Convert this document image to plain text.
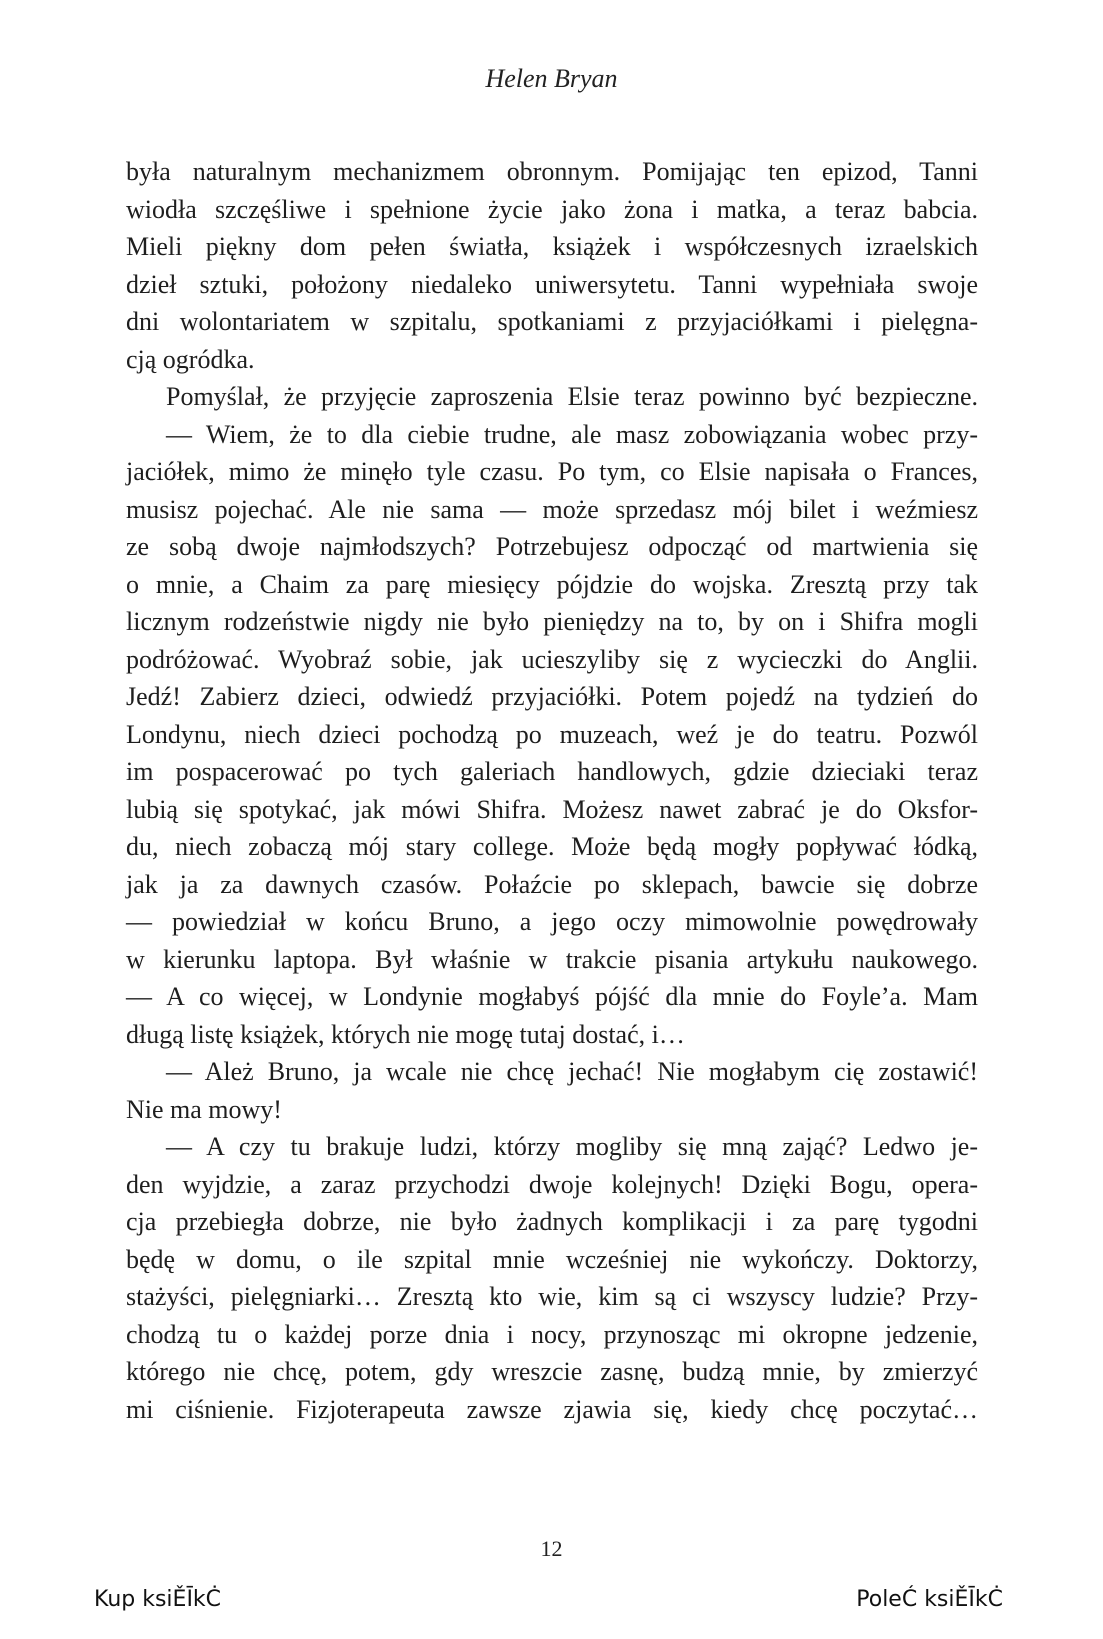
Helen Bryan
była naturalnym mechanizmem obronnym. Pomijając ten epizod, Tanni
wiodła szczęśliwe i spełnione życie jako żona i matka, a teraz babcia.
Mieli piękny dom pełen światła, książek i współczesnych izraelskich
dzieł sztuki, położony niedaleko uniwersytetu. Tanni wypełniała swoje
dni wolontariatem w szpitalu, spotkaniami z przyjaciółkami i pielęgna-
cją ogródka.
Pomyślał, że przyjęcie zaproszenia Elsie teraz powinno być bezpieczne.
— Wiem, że to dla ciebie trudne, ale masz zobowiązania wobec przy-
jaciółek, mimo że minęło tyle czasu. Po tym, co Elsie napisała o Frances,
musisz pojechać. Ale nie sama — może sprzedasz mój bilet i weźmiesz
ze sobą dwoje najmłodszych? Potrzebujesz odpocząć od martwienia się
o mnie, a Chaim za parę miesięcy pójdzie do wojska. Zresztą przy tak
licznym rodzeństwie nigdy nie było pieniędzy na to, by on i Shifra mogli
podróżować. Wyobraź sobie, jak ucieszyliby się z wycieczki do Anglii.
Jedź! Zabierz dzieci, odwiedź przyjaciółki. Potem pojedź na tydzień do
Londynu, niech dzieci pochodzą po muzeach, weź je do teatru. Pozwól
im pospacerować po tych galeriach handlowych, gdzie dzieciaki teraz
lubią się spotykać, jak mówi Shifra. Możesz nawet zabrać je do Oksfor-
du, niech zobaczą mój stary college. Może będą mogły popływać łódką,
jak ja za dawnych czasów. Połaźcie po sklepach, bawcie się dobrze
— powiedział w końcu Bruno, a jego oczy mimowolnie powędrowały
w kierunku laptopa. Był właśnie w trakcie pisania artykułu naukowego.
— A co więcej, w Londynie mogłabyś pójść dla mnie do Foyle’a. Mam
długą listę książek, których nie mogę tutaj dostać, i…
— Ależ Bruno, ja wcale nie chcę jechać! Nie mogłabym cię zostawić!
Nie ma mowy!
— A czy tu brakuje ludzi, którzy mogliby się mną zająć? Ledwo je-
den wyjdzie, a zaraz przychodzi dwoje kolejnych! Dzięki Bogu, opera-
cja przebiegła dobrze, nie było żadnych komplikacji i za parę tygodni
będę w domu, o ile szpital mnie wcześniej nie wykończy. Doktorzy,
stażyści, pielęgniarki… Zresztą kto wie, kim są ci wszyscy ludzie? Przy-
chodzą tu o każdej porze dnia i nocy, przynosząc mi okropne jedzenie,
którego nie chcę, potem, gdy wreszcie zasnę, budzą mnie, by zmierzyć
mi ciśnienie. Fizjoterapeuta zawsze zjawia się, kiedy chcę poczytać…
12
Kup ksiĚĪkĊ	PoleĆ ksiĚĪkĊ
